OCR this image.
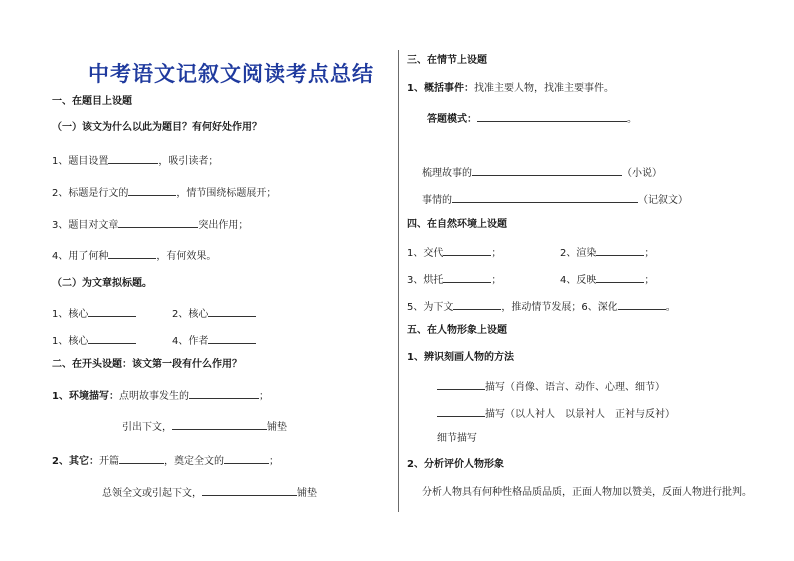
中考语文记叙文阅读考点总结
一、在题目上设题
（一）该文为什么以此为题目？有何好处作用？
1、题目设置	，吸引读者；
2、标题是行文的	，情节围绕标题展开；
3、题目对文章	突出作用；
4、用了何种	，有何效果。
（二）为文章拟标题。
1、核心	2、核心
1、核心	4、作者
二、在开头设题：该文第一段有什么作用？
1、环境描写：点明故事发生的	；
引出下文，	铺垫
2、其它：开篇	，奠定全文的	；
总领全文或引起下文，	铺垫
三、在情节上设题
1、概括事件：找准主要人物，找准主要事件。
答题模式：	。
梳理故事的	（小说）
事情的	（记叙文）
四、在自然环境上设题
1、交代	；	2、渲染	；
3、烘托	；	4、反映	；
5、为下文	，推动情节发展；6、深化	。
五、在人物形象上设题
1、辨识刻画人物的方法
描写（肖像、语言、动作、心理、细节）
描写（以人衬人　以景衬人　正衬与反衬）
细节描写
2、分析评价人物形象
分析人物具有何种性格品质品质，正面人物加以赞美，反面人物进行批判。
